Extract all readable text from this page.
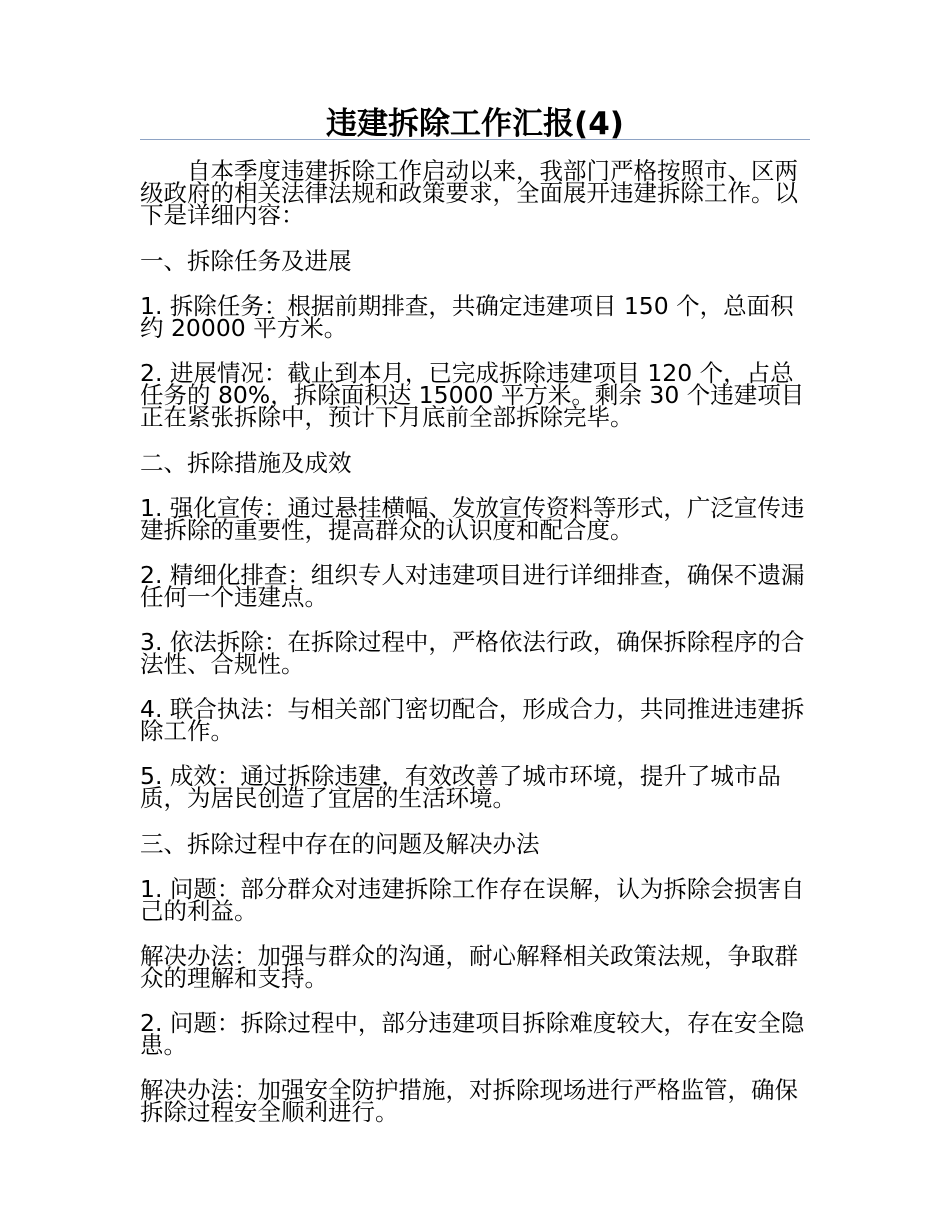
违建拆除工作汇报(4)

自本季度违建拆除工作启动以来，我部门严格按照市、区两级政府的相关法律法规和政策要求，全面展开违建拆除工作。以下是详细内容：

一、拆除任务及进展

1. 拆除任务：根据前期排查，共确定违建项目 150 个，总面积约 20000 平方米。

2. 进展情况：截止到本月，已完成拆除违建项目 120 个，占总任务的 80%，拆除面积达 15000 平方米。剩余 30 个违建项目正在紧张拆除中，预计下月底前全部拆除完毕。

二、拆除措施及成效

1. 强化宣传：通过悬挂横幅、发放宣传资料等形式，广泛宣传违建拆除的重要性，提高群众的认识度和配合度。

2. 精细化排查：组织专人对违建项目进行详细排查，确保不遗漏任何一个违建点。

3. 依法拆除：在拆除过程中，严格依法行政，确保拆除程序的合法性、合规性。

4. 联合执法：与相关部门密切配合，形成合力，共同推进违建拆除工作。

5. 成效：通过拆除违建，有效改善了城市环境，提升了城市品质，为居民创造了宜居的生活环境。

三、拆除过程中存在的问题及解决办法

1. 问题：部分群众对违建拆除工作存在误解，认为拆除会损害自己的利益。

解决办法：加强与群众的沟通，耐心解释相关政策法规，争取群众的理解和支持。

2. 问题：拆除过程中，部分违建项目拆除难度较大，存在安全隐患。

解决办法：加强安全防护措施，对拆除现场进行严格监管，确保拆除过程安全顺利进行。
